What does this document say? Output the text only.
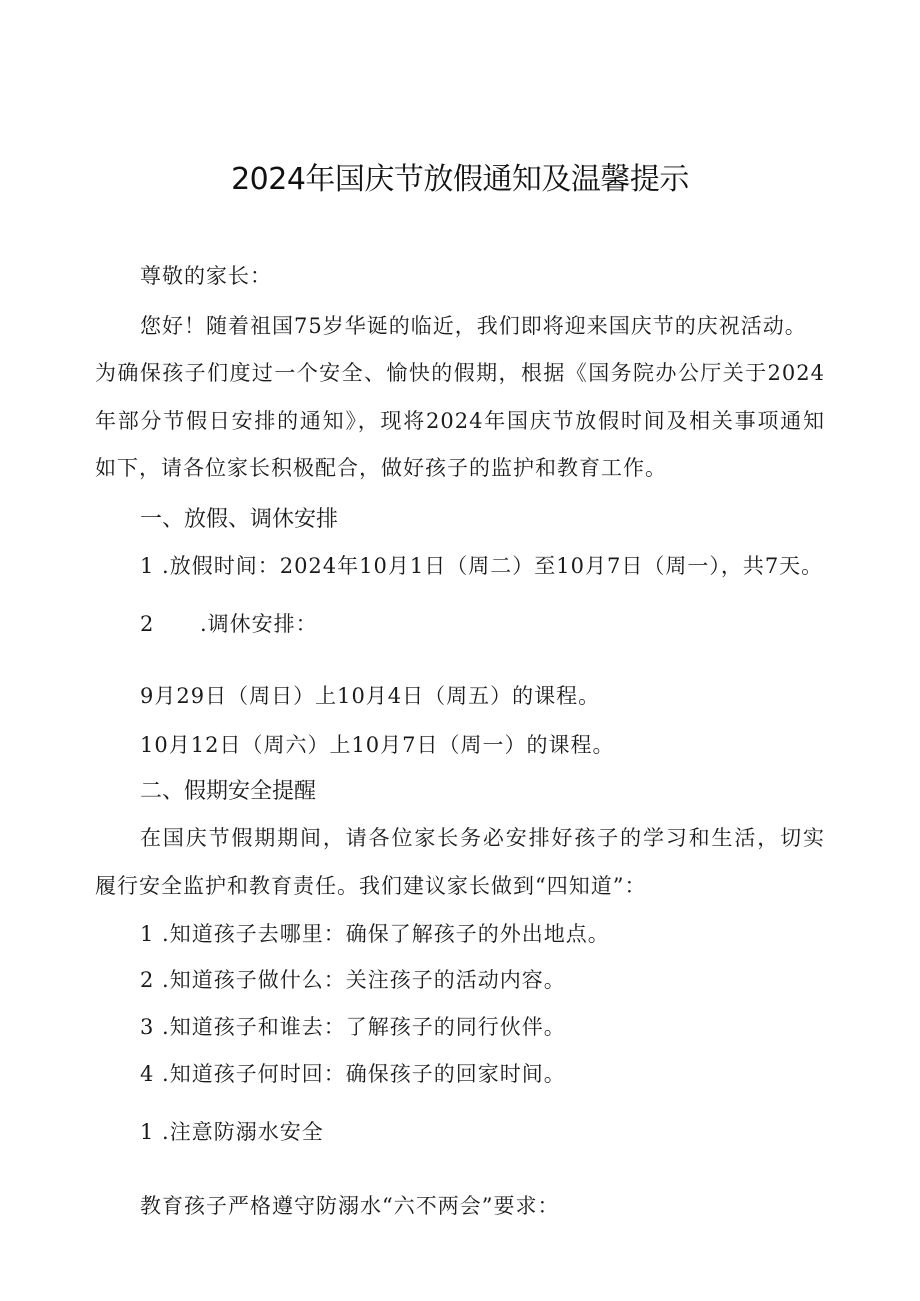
2024年国庆节放假通知及温馨提示
尊敬的家长：
您好！随着祖国75岁华诞的临近，我们即将迎来国庆节的庆祝活动。
为确保孩子们度过一个安全、愉快的假期，根据《国务院办公厅关于2024
年部分节假日安排的通知》，现将2024年国庆节放假时间及相关事项通知
如下，请各位家长积极配合，做好孩子的监护和教育工作。
一、放假、调休安排
1 .放假时间：2024年10月1日（周二）至10月7日（周一），共7天。
2 .调休安排：
9月29日（周日）上10月4日（周五）的课程。
10月12日（周六）上10月7日（周一）的课程。
二、假期安全提醒
在国庆节假期期间，请各位家长务必安排好孩子的学习和生活，切实
履行安全监护和教育责任。我们建议家长做到“四知道”：
1 .知道孩子去哪里：确保了解孩子的外出地点。
2 .知道孩子做什么：关注孩子的活动内容。
3 .知道孩子和谁去：了解孩子的同行伙伴。
4 .知道孩子何时回：确保孩子的回家时间。
1 .注意防溺水安全
教育孩子严格遵守防溺水“六不两会”要求：
